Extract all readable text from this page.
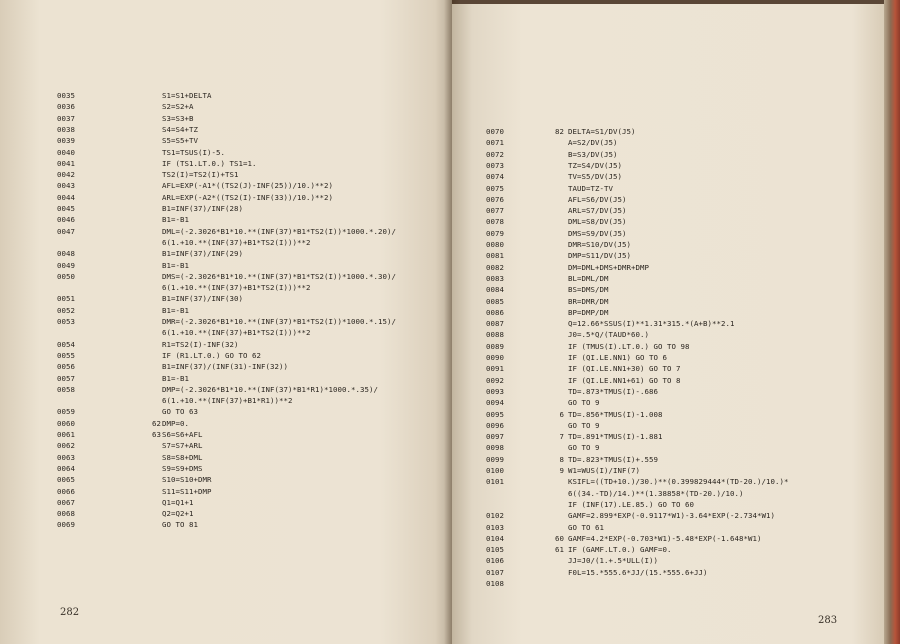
0035	S1=S1+DELTA
0036	S2=S2+A
0037	S3=S3+B
0038	S4=S4+TZ
0039	S5=S5+TV
0040	TS1=TSUS(I)-5.
0041	IF (TS1.LT.0.) TS1=1.
0042	TS2(I)=TS2(I)+TS1
0043	AFL=EXP(-A1*((TS2(J)-INF(25))/10.)**2)
0044	ARL=EXP(-A2*((TS2(I)-INF(33))/10.)**2)
0045	B1=INF(37)/INF(28)
0046	B1=-B1
0047	DML=(-2.3026*B1*10.**(INF(37)*B1*TS2(I))*1000.*.20)/
6(1.+10.**(INF(37)+B1*TS2(I)))**2
0048	B1=INF(37)/INF(29)
0049	B1=-B1
0050	DMS=(-2.3026*B1*10.**(INF(37)*B1*TS2(I))*1000.*.30)/
6(1.+10.**(INF(37)+B1*TS2(I)))**2
0051	B1=INF(37)/INF(30)
0052	B1=-B1
0053	DMR=(-2.3026*B1*10.**(INF(37)*B1*TS2(I))*1000.*.15)/
6(1.+10.**(INF(37)+B1*TS2(I)))**2
0054	R1=TS2(I)-INF(32)
0055	IF (R1.LT.0.) GO TO 62
0056	B1=INF(37)/(INF(31)-INF(32))
0057	B1=-B1
0058	DMP=(-2.3026*B1*10.**(INF(37)*B1*R1)*1000.*.35)/
6(1.+10.**(INF(37)+B1*R1))**2
0059	GO TO 63
0060	62 DMP=0.
0061	63 S6=S6+AFL
0062	S7=S7+ARL
0063	S8=S8+DML
0064	S9=S9+DMS
0065	S10=S10+DMR
0066	S11=S11+DMP
0067	Q1=Q1+1
0068	Q2=Q2+1
0069	GO TO 81
282
0070	82 DELTA=S1/DV(J5)
0071	A=S2/DV(J5)
0072	B=S3/DV(J5)
0073	TZ=S4/DV(J5)
0074	TV=S5/DV(J5)
0075	TAUD=TZ-TV
0076	AFL=S6/DV(J5)
0077	ARL=S7/DV(J5)
0078	DML=S8/DV(J5)
0079	DMS=S9/DV(J5)
0080	DMR=S10/DV(J5)
0081	DMP=S11/DV(J5)
0082	DM=DML+DMS+DMR+DMP
0083	BL=DML/DM
0084	BS=DMS/DM
0085	BR=DMR/DM
0086	BP=DMP/DM
0087	Q=12.66*SSUS(I)**1.31*315.*(A+B)**2.1
0088	J0=.5*Q/(TAUD*60.)
0089	IF (TMUS(I).LT.0.) GO TO 98
0090	IF (QI.LE.NN1) GO TO 6
0091	IF (QI.LE.NN1+30) GO TO 7
0092	IF (QI.LE.NN1+61) GO TO 8
0093	TD=.873*TMUS(I)-.686
0094	GO TO 9
0095	6 TD=.856*TMUS(I)-1.008
0096	GO TO 9
0097	7 TD=.891*TMUS(I)-1.881
0098	GO TO 9
0099	8 TD=.823*TMUS(I)+.559
0100	9 W1=WUS(I)/INF(7)
0101	KSIFL=((TD+10.)/30.)**(0.399829444*(TD-20.)/10.)*
6((34.-TD)/14.)**(1.38858*(TD-20.)/10.)
IF (INF(17).LE.85.) GO TO 60
0102	GAMF=2.899*EXP(-0.9117*W1)-3.64*EXP(-2.734*W1)
0103	GO TO 61
0104	60 GAMF=4.2*EXP(-0.703*W1)-5.48*EXP(-1.648*W1)
0105	61 IF (GAMF.LT.0.) GAMF=0.
0106	JJ=J0/(1.+.5*ULL(I))
0107	F0L=15.*555.6*JJ/(15.*555.6+JJ)
0108
283
